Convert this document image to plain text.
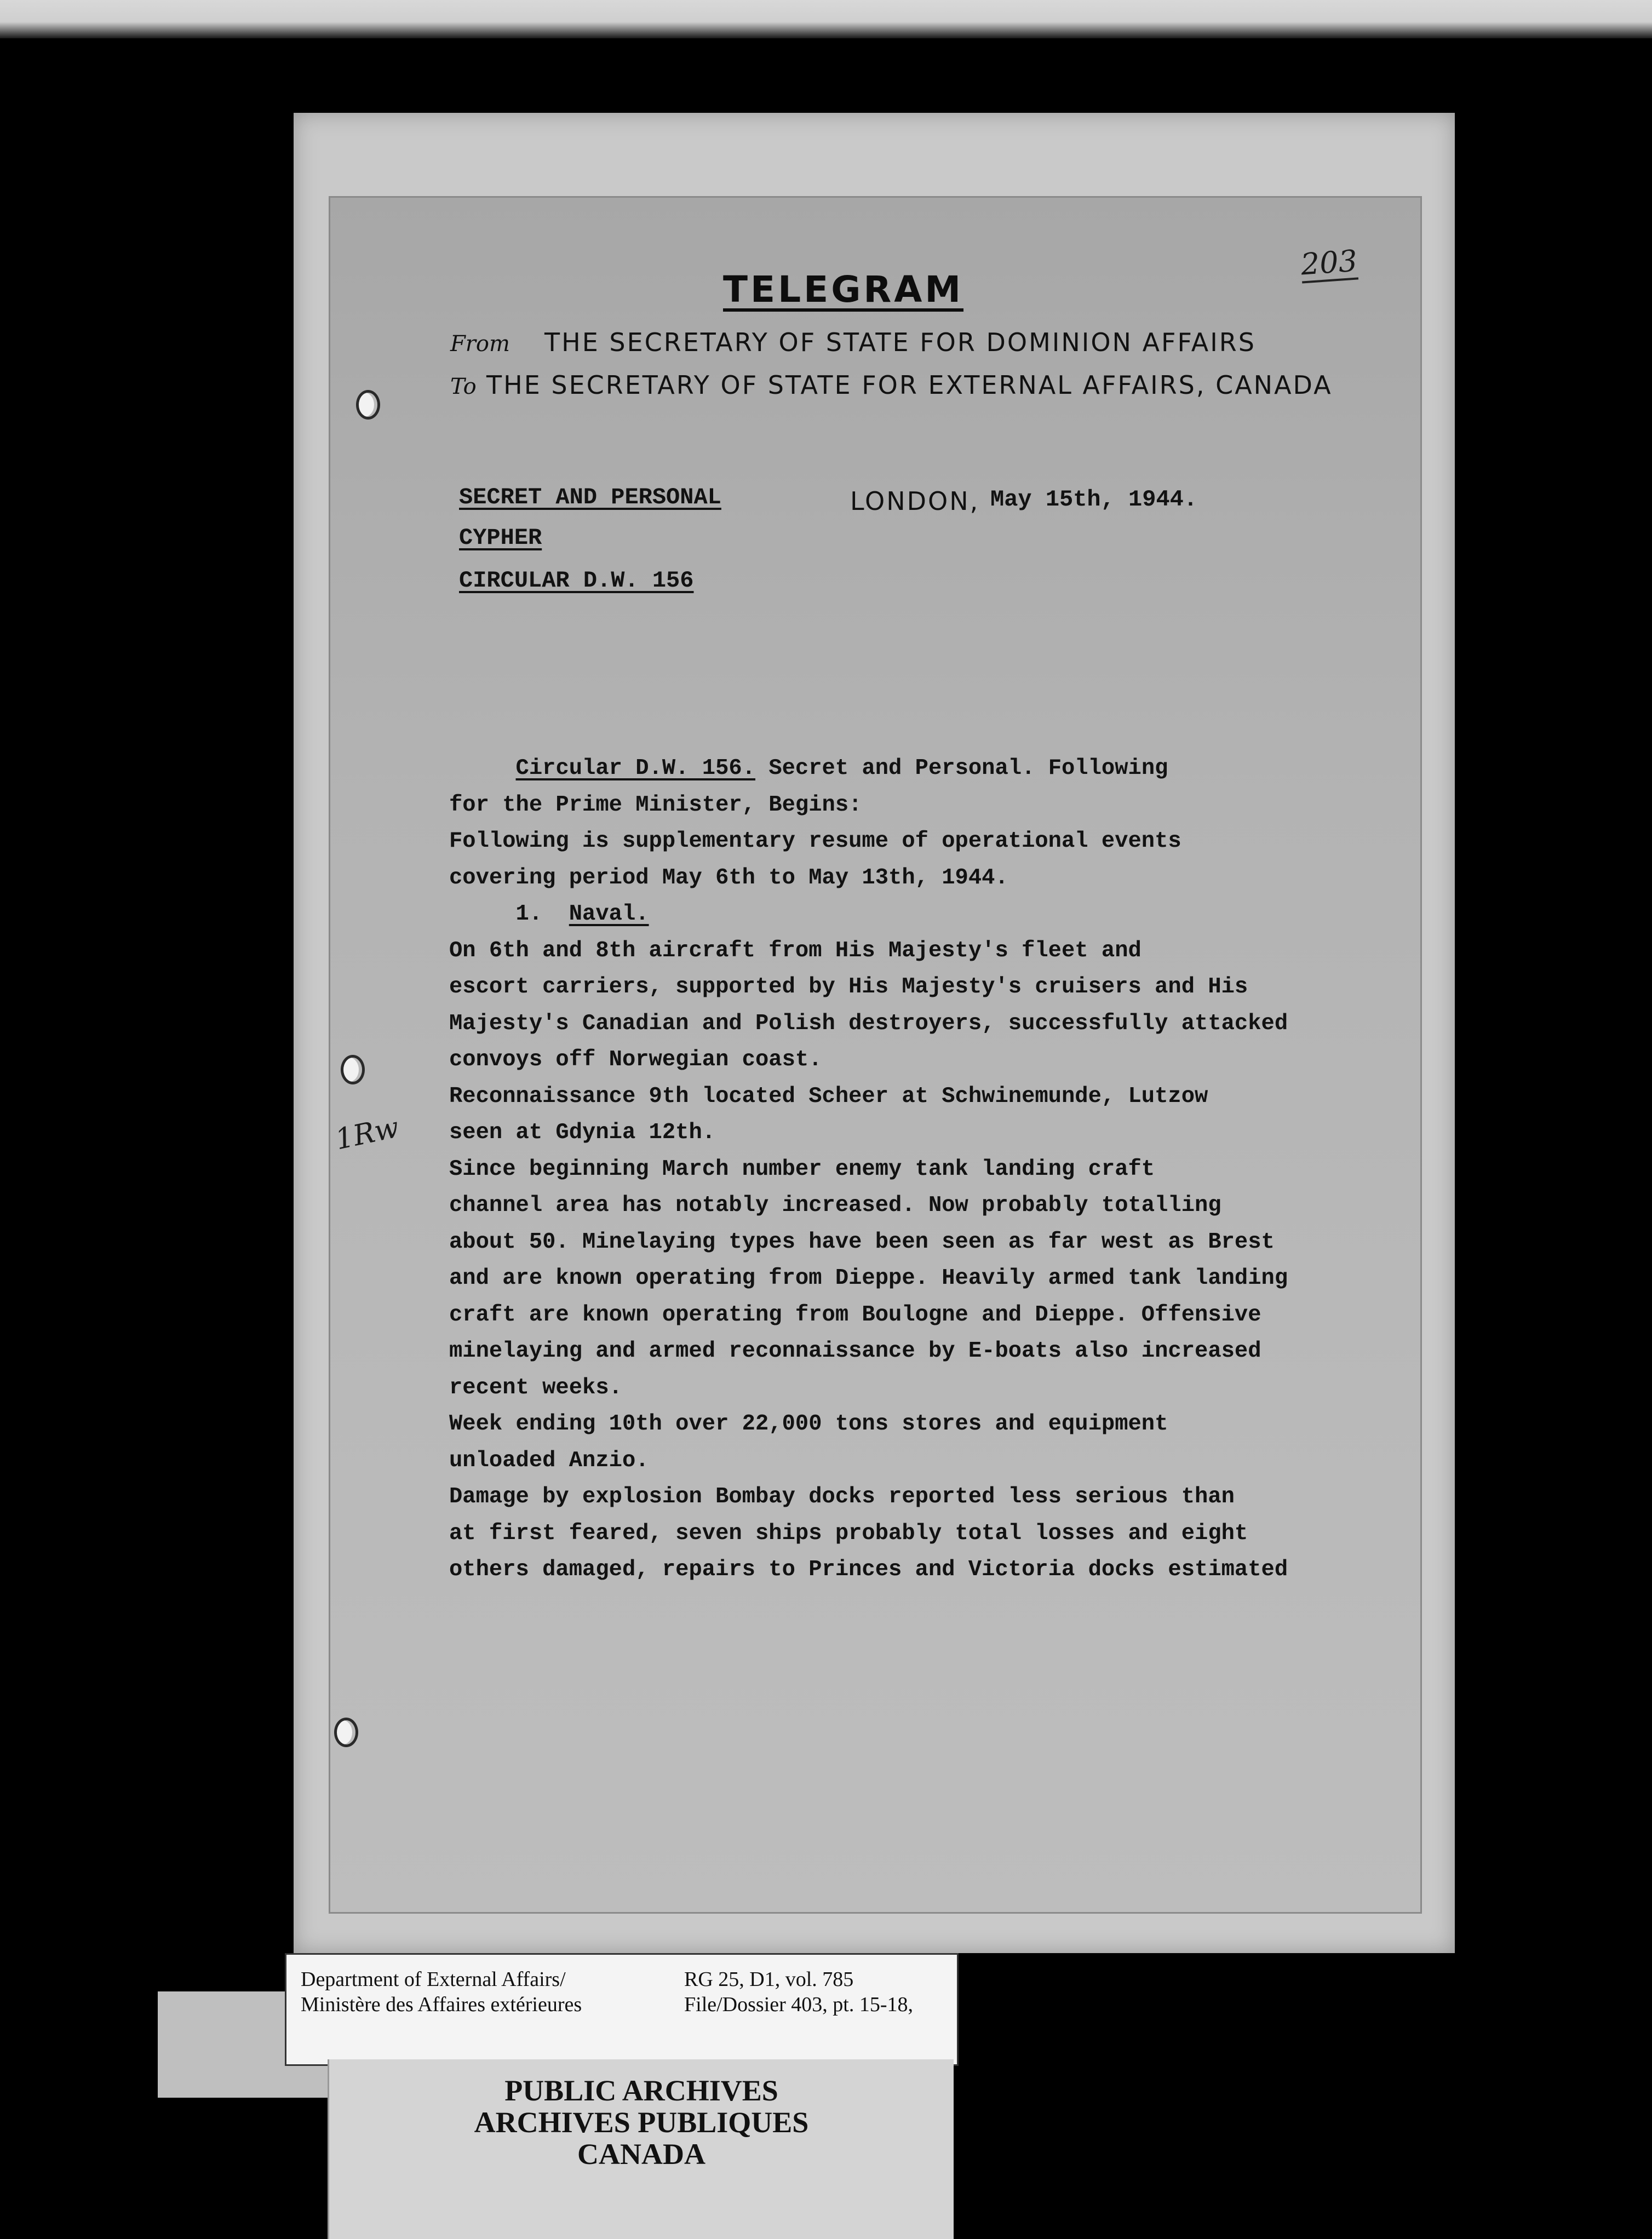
203
TELEGRAM
From THE SECRETARY OF STATE FOR DOMINION AFFAIRS
To THE SECRETARY OF STATE FOR EXTERNAL AFFAIRS, CANADA
SECRET AND PERSONAL	LONDON, May 15th, 1944.
CYPHER
CIRCULAR D.W. 156
Circular D.W. 156. Secret and Personal. Following
for the Prime Minister, Begins:
Following is supplementary resume of operational events
covering period May 6th to May 13th, 1944.
1.  Naval.
On 6th and 8th aircraft from His Majesty's fleet and
escort carriers, supported by His Majesty's cruisers and His
Majesty's Canadian and Polish destroyers, successfully attacked
convoys off Norwegian coast.
Reconnaissance 9th located Scheer at Schwinemunde, Lutzow
seen at Gdynia 12th.
Since beginning March number enemy tank landing craft
channel area has notably increased. Now probably totalling
about 50. Minelaying types have been seen as far west as Brest
and are known operating from Dieppe. Heavily armed tank landing
craft are known operating from Boulogne and Dieppe. Offensive
minelaying and armed reconnaissance by E-boats also increased
recent weeks.
Week ending 10th over 22,000 tons stores and equipment
unloaded Anzio.
Damage by explosion Bombay docks reported less serious than
at first feared, seven ships probably total losses and eight
others damaged, repairs to Princes and Victoria docks estimated
1Rw
Department of External Affairs/
Ministère des Affaires extérieures
RG 25, D1, vol. 785
File/Dossier 403, pt. 15-18,
PUBLIC ARCHIVES
ARCHIVES PUBLIQUES
CANADA
